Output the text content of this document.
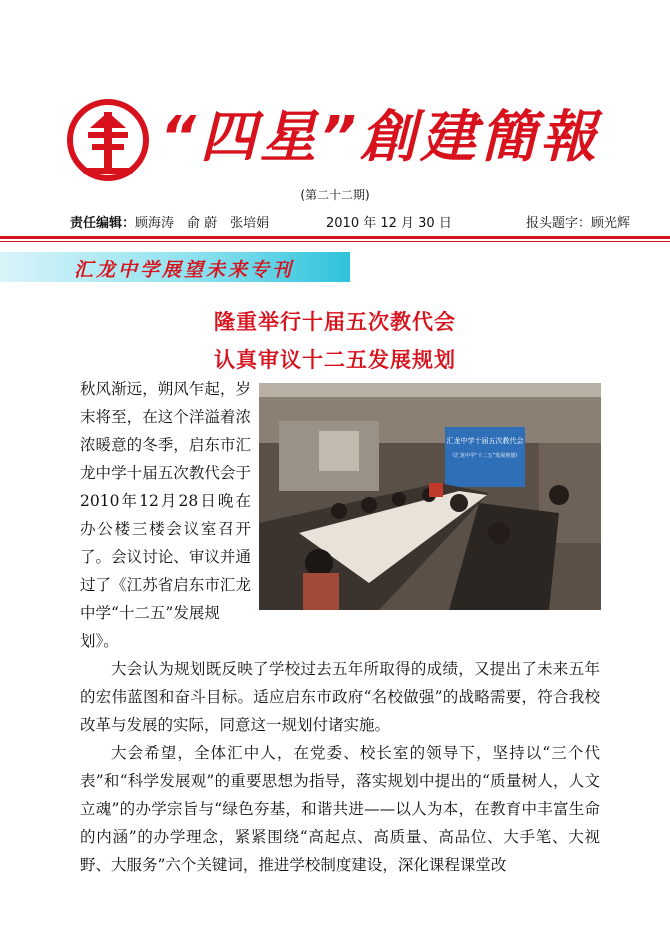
“四星”創建簡報
(第二十二期)
责任编辑：顾海涛　俞 蔚　张培娟	2010 年 12 月 30 日	报头题字：顾光辉
汇龙中学展望未来专刊
隆重举行十届五次教代会
认真审议十二五发展规划
汇龙中学十届五次教代会
《汇龙中学“十二五”发展规划》

秋风渐远，朔风乍起，岁末将至，在这个洋溢着浓浓暖意的冬季，启东市汇龙中学十届五次教代会于2010年12月28日晚在办公楼三楼会议室召开了。会议讨论、审议并通过了《江苏省启东市汇龙中学“十二五”发展规

划》。

大会认为规划既反映了学校过去五年所取得的成绩，又提出了未来五年的宏伟蓝图和奋斗目标。适应启东市政府“名校做强”的战略需要，符合我校改革与发展的实际，同意这一规划付诸实施。

大会希望，全体汇中人，在党委、校长室的领导下，坚持以“三个代表”和“科学发展观”的重要思想为指导，落实规划中提出的“质量树人，人文立魂”的办学宗旨与“绿色夯基，和谐共进——以人为本，在教育中丰富生命的内涵”的办学理念，紧紧围绕“高起点、高质量、高品位、大手笔、大视野、大服务”六个关键词，推进学校制度建设，深化课程课堂改
